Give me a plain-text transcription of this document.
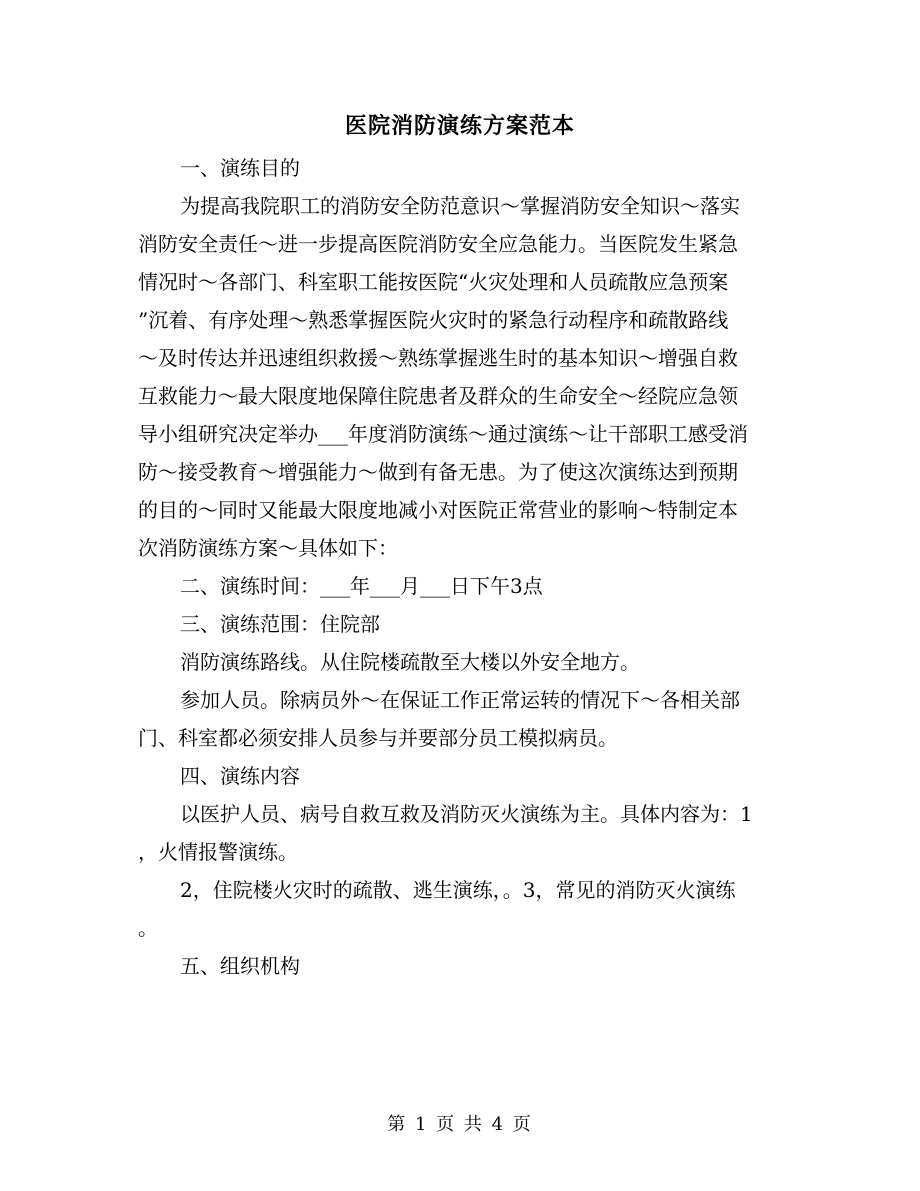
医院消防演练方案范本

一、演练目的

为提高我院职工的消防安全防范意识～掌握消防安全知识～落实
消防安全责任～进一步提高医院消防安全应急能力。当医院发生紧急
情况时～各部门、科室职工能按医院“火灾处理和人员疏散应急预案
”沉着、有序处理～熟悉掌握医院火灾时的紧急行动程序和疏散路线
～及时传达并迅速组织救援～熟练掌握逃生时的基本知识～增强自救
互救能力～最大限度地保障住院患者及群众的生命安全～经院应急领
导小组研究决定举办___年度消防演练～通过演练～让干部职工感受消
防～接受教育～增强能力～做到有备无患。为了使这次演练达到预期
的目的～同时又能最大限度地减小对医院正常营业的影响～特制定本
次消防演练方案～具体如下：

二、演练时间：___年___月___日下午3点

三、演练范围：住院部

消防演练路线。从住院楼疏散至大楼以外安全地方。

参加人员。除病员外～在保证工作正常运转的情况下～各相关部
门、科室都必须安排人员参与并要部分员工模拟病员。

四、演练内容

以医护人员、病号自救互救及消防灭火演练为主。具体内容为：1
，火情报警演练。

2，住院楼火灾时的疏散、逃生演练，。3，常见的消防灭火演练
。

五、组织机构

第 1 页 共 4 页
